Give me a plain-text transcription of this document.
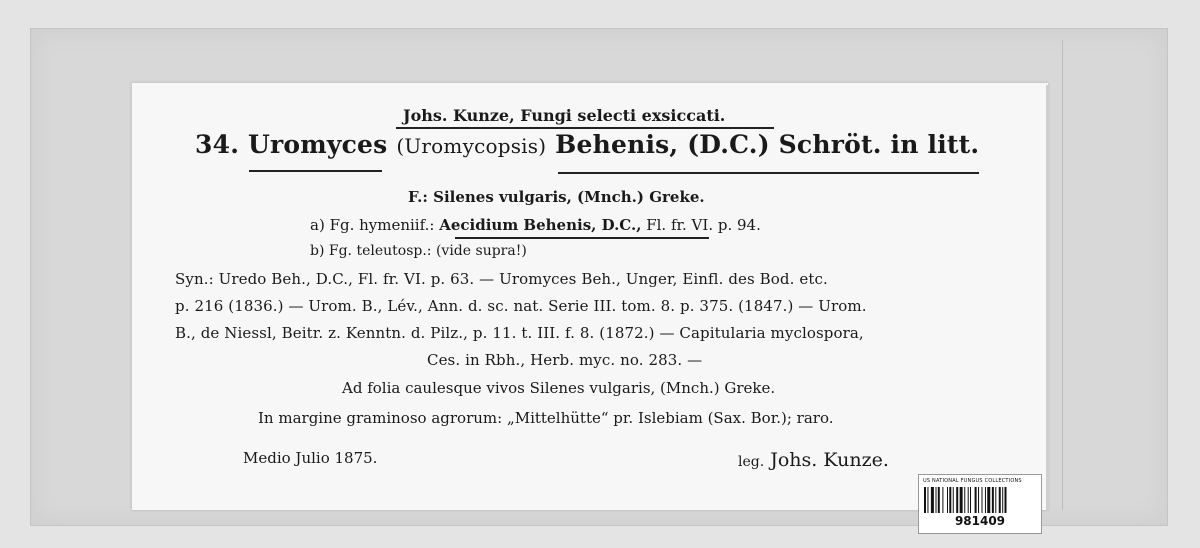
Johs. Kunze, Fungi selecti exsiccati.
34. Uromyces (Uromycopsis) Behenis, (D.C.) Schröt. in litt.
F.: Silenes vulgaris, (Mnch.) Greke.
a) Fg. hymeniif.: Aecidium Behenis, D.C., Fl. fr. VI. p. 94.
b) Fg. teleutosp.: (vide supra!)
Syn.: Uredo Beh., D.C., Fl. fr. VI. p. 63. — Uromyces Beh., Unger, Einfl. des Bod. etc.
p. 216 (1836.) — Urom. B., Lév., Ann. d. sc. nat. Serie III. tom. 8. p. 375. (1847.) — Urom.
B., de Niessl, Beitr. z. Kenntn. d. Pilz., p. 11. t. III. f. 8. (1872.) — Capitularia myclospora,
Ces. in Rbh., Herb. myc. no. 283. —
Ad folia caulesque vivos Silenes vulgaris, (Mnch.) Greke.
In margine graminoso agrorum: „Mittelhütte“ pr. Islebiam (Sax. Bor.); raro.
Medio Julio 1875.	leg. Johs. Kunze.
US NATIONAL FUNGUS COLLECTIONS
981409
